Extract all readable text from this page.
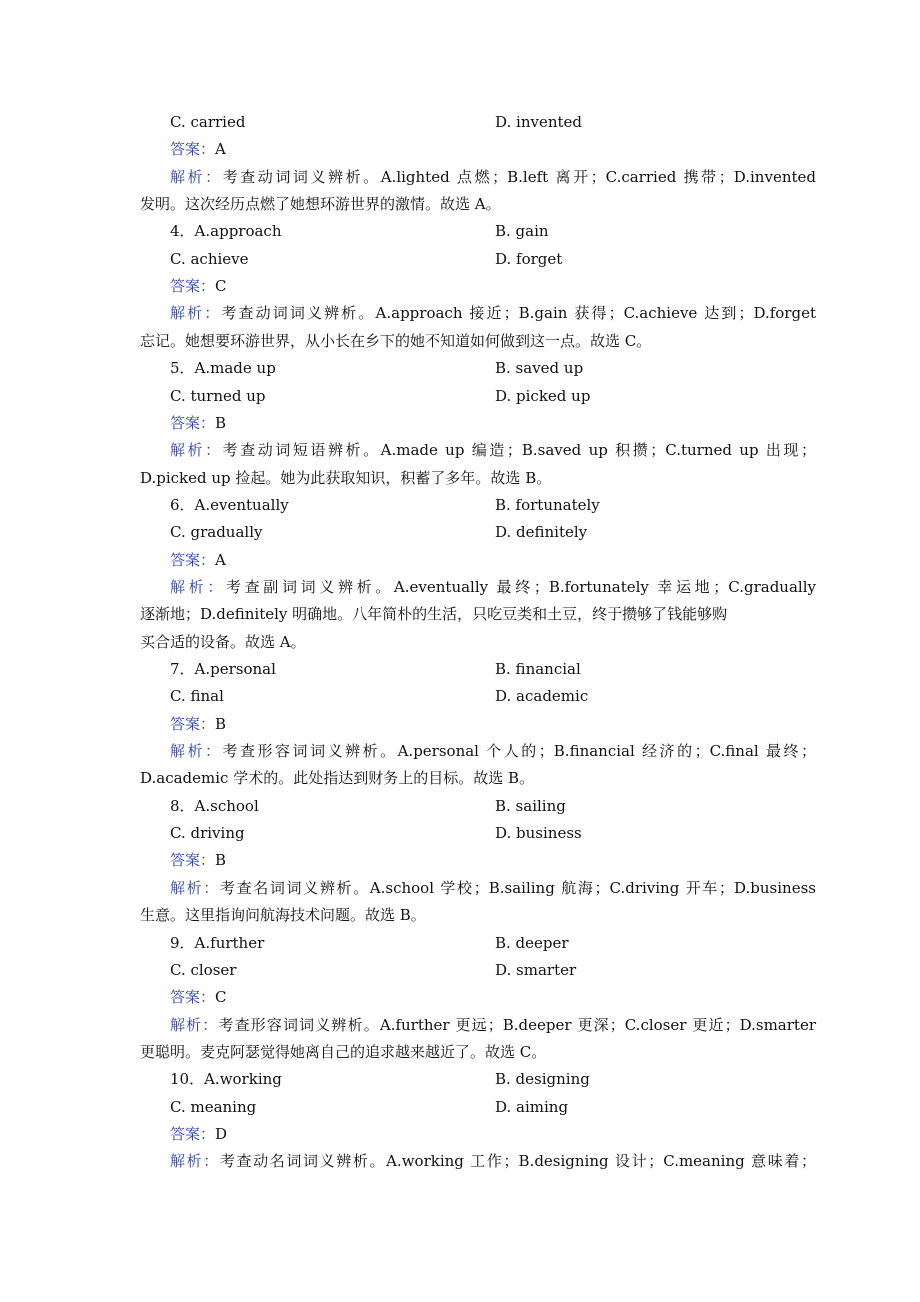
C. carried	D. invented
答案：A
解析：考查动词词义辨析。A.lighted 点燃；B.left 离开；C.carried 携带；D.invented
发明。这次经历点燃了她想环游世界的激情。故选 A。
4．A.approach	B. gain
C. achieve	D. forget
答案：C
解析：考查动词词义辨析。A.approach 接近；B.gain 获得；C.achieve 达到；D.forget
忘记。她想要环游世界，从小长在乡下的她不知道如何做到这一点。故选 C。
5．A.made up	B. saved up
C. turned up	D. picked up
答案：B
解析：考查动词短语辨析。A.made up 编造；B.saved up 积攒；C.turned up 出现；
D.picked up 捡起。她为此获取知识，积蓄了多年。故选 B。
6．A.eventually	B. fortunately
C. gradually	D. definitely
答案：A
解析：考查副词词义辨析。A.eventually 最终；B.fortunately 幸运地；C.gradually
逐渐地；D.definitely 明确地。八年简朴的生活，只吃豆类和土豆，终于攒够了钱能够购
买合适的设备。故选 A。
7．A.personal	B. financial
C. final	D. academic
答案：B
解析：考查形容词词义辨析。A.personal 个人的；B.financial 经济的；C.final 最终；
D.academic 学术的。此处指达到财务上的目标。故选 B。
8．A.school	B. sailing
C. driving	D. business
答案：B
解析：考查名词词义辨析。A.school 学校；B.sailing 航海；C.driving 开车；D.business
生意。这里指询问航海技术问题。故选 B。
9．A.further	B. deeper
C. closer	D. smarter
答案：C
解析：考查形容词词义辨析。A.further 更远；B.deeper 更深；C.closer 更近；D.smarter
更聪明。麦克阿瑟觉得她离自己的追求越来越近了。故选 C。
10．A.working	B. designing
C. meaning	D. aiming
答案：D
解析：考查动名词词义辨析。A.working 工作；B.designing 设计；C.meaning 意味着；
